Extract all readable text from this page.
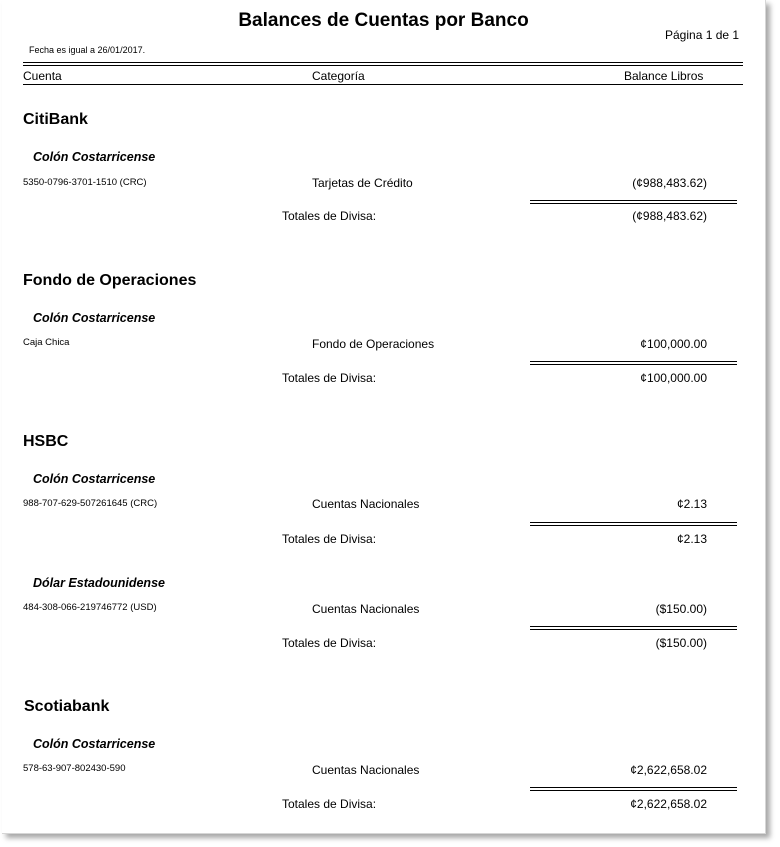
Balances de Cuentas por Banco
Página 1 de 1
Fecha es igual a 26/01/2017.
Cuenta	Categoría	Balance Libros
CitiBank
Colón Costarricense
5350-0796-3701-1510 (CRC)	Tarjetas de Crédito	(¢988,483.62)
Totales de Divisa:	(¢988,483.62)
Fondo de Operaciones
Colón Costarricense
Caja Chica	Fondo de Operaciones	¢100,000.00
Totales de Divisa:	¢100,000.00
HSBC
Colón Costarricense
988-707-629-507261645 (CRC)	Cuentas Nacionales	¢2.13
Totales de Divisa:	¢2.13
Dólar Estadounidense
484-308-066-219746772 (USD)	Cuentas Nacionales	($150.00)
Totales de Divisa:	($150.00)
Scotiabank
Colón Costarricense
578-63-907-802430-590	Cuentas Nacionales	¢2,622,658.02
Totales de Divisa:	¢2,622,658.02
